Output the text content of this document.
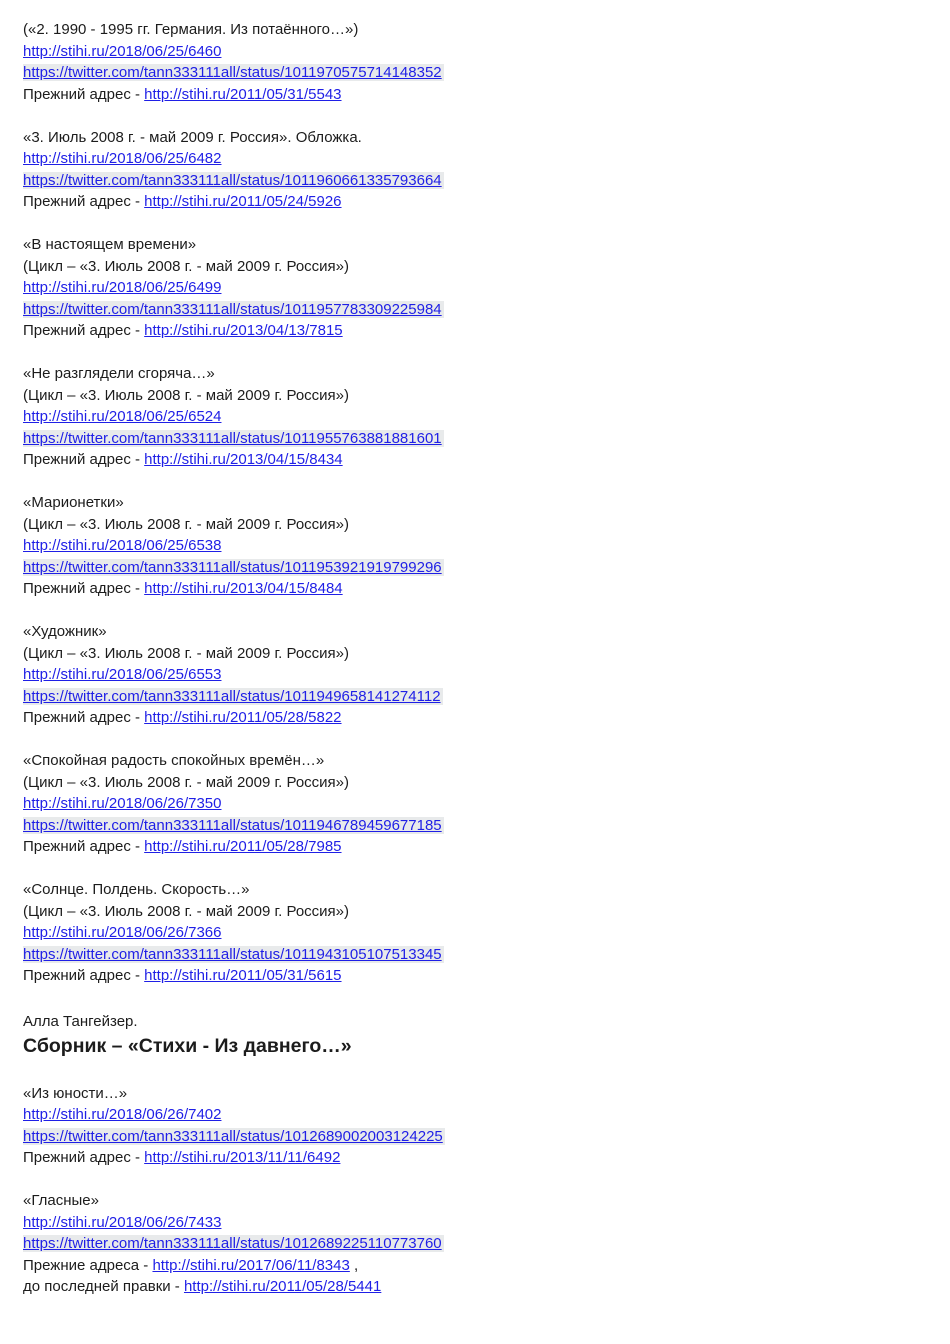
(«2. 1990 - 1995 гг. Германия. Из потаённого…»)
http://stihi.ru/2018/06/25/6460
https://twitter.com/tann333111all/status/1011970575714148352
Прежний адрес - http://stihi.ru/2011/05/31/5543
«3. Июль 2008 г. - май 2009 г. Россия». Обложка.
http://stihi.ru/2018/06/25/6482
https://twitter.com/tann333111all/status/1011960661335793664
Прежний адрес - http://stihi.ru/2011/05/24/5926
«В настоящем времени»
(Цикл – «3. Июль 2008 г. - май 2009 г. Россия»)
http://stihi.ru/2018/06/25/6499
https://twitter.com/tann333111all/status/1011957783309225984
Прежний адрес - http://stihi.ru/2013/04/13/7815
«Не разглядели сгоряча…»
(Цикл – «3. Июль 2008 г. - май 2009 г. Россия»)
http://stihi.ru/2018/06/25/6524
https://twitter.com/tann333111all/status/1011955763881881601
Прежний адрес - http://stihi.ru/2013/04/15/8434
«Марионетки»
(Цикл – «3. Июль 2008 г. - май 2009 г. Россия»)
http://stihi.ru/2018/06/25/6538
https://twitter.com/tann333111all/status/1011953921919799296
Прежний адрес - http://stihi.ru/2013/04/15/8484
«Художник»
(Цикл – «3. Июль 2008 г. - май 2009 г. Россия»)
http://stihi.ru/2018/06/25/6553
https://twitter.com/tann333111all/status/1011949658141274112
Прежний адрес - http://stihi.ru/2011/05/28/5822
«Спокойная радость спокойных времён…»
(Цикл – «3. Июль 2008 г. - май 2009 г. Россия»)
http://stihi.ru/2018/06/26/7350
https://twitter.com/tann333111all/status/1011946789459677185
Прежний адрес - http://stihi.ru/2011/05/28/7985
«Солнце. Полдень. Скорость…»
(Цикл – «3. Июль 2008 г. - май 2009 г. Россия»)
http://stihi.ru/2018/06/26/7366
https://twitter.com/tann333111all/status/1011943105107513345
Прежний адрес - http://stihi.ru/2011/05/31/5615
Алла Тангейзер.
Сборник – «Стихи - Из давнего…»
«Из юности…»
http://stihi.ru/2018/06/26/7402
https://twitter.com/tann333111all/status/1012689002003124225
Прежний адрес - http://stihi.ru/2013/11/11/6492
«Гласные»
http://stihi.ru/2018/06/26/7433
https://twitter.com/tann333111all/status/1012689225110773760
Прежние адреса - http://stihi.ru/2017/06/11/8343 ,
до последней правки - http://stihi.ru/2011/05/28/5441
